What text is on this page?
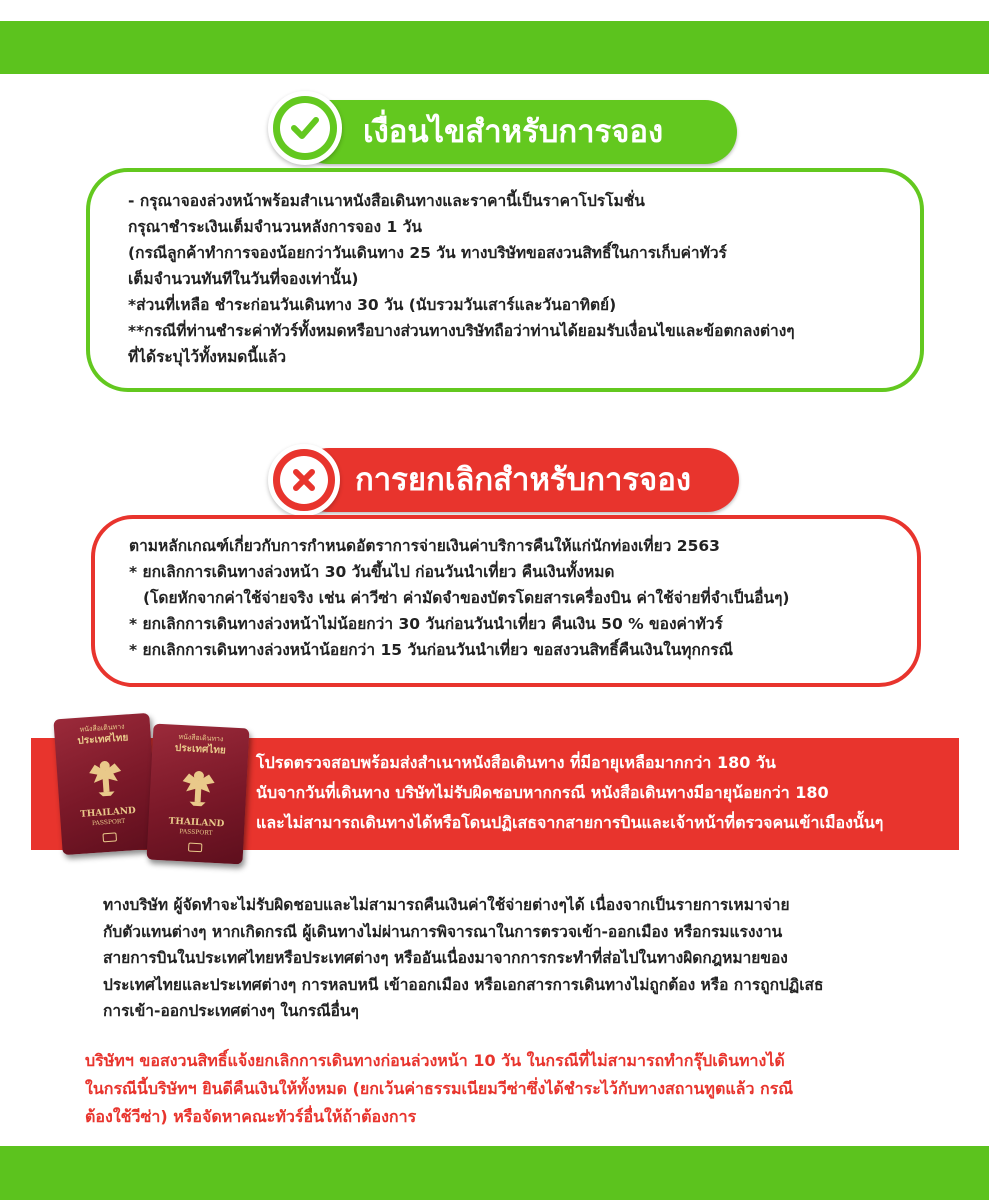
เงื่อนไขสำหรับการจอง
- กรุณาจองล่วงหน้าพร้อมสำเนาหนังสือเดินทางและราคานี้เป็นราคาโปรโมชั่น
กรุณาชำระเงินเต็มจำนวนหลังการจอง 1 วัน
(กรณีลูกค้าทำการจองน้อยกว่าวันเดินทาง 25 วัน ทางบริษัทขอสงวนสิทธิ์ในการเก็บค่าทัวร์
เต็มจำนวนทันทีในวันที่จองเท่านั้น)
*ส่วนที่เหลือ ชำระก่อนวันเดินทาง 30 วัน (นับรวมวันเสาร์และวันอาทิตย์)
**กรณีที่ท่านชำระค่าทัวร์ทั้งหมดหรือบางส่วนทางบริษัทถือว่าท่านได้ยอมรับเงื่อนไขและข้อตกลงต่างๆ
ที่ได้ระบุไว้ทั้งหมดนี้แล้ว
การยกเลิกสำหรับการจอง
ตามหลักเกณฑ์เกี่ยวกับการกำหนดอัตราการจ่ายเงินค่าบริการคืนให้แก่นักท่องเที่ยว 2563
* ยกเลิกการเดินทางล่วงหน้า 30 วันขึ้นไป ก่อนวันนำเที่ยว คืนเงินทั้งหมด
(โดยหักจากค่าใช้จ่ายจริง เช่น ค่าวีซ่า ค่ามัดจำของบัตรโดยสารเครื่องบิน ค่าใช้จ่ายที่จำเป็นอื่นๆ)
* ยกเลิกการเดินทางล่วงหน้าไม่น้อยกว่า 30 วันก่อนวันนำเที่ยว คืนเงิน 50 % ของค่าทัวร์
* ยกเลิกการเดินทางล่วงหน้าน้อยกว่า 15 วันก่อนวันนำเที่ยว ขอสงวนสิทธิ์คืนเงินในทุกกรณี
โปรดตรวจสอบพร้อมส่งสำเนาหนังสือเดินทาง ที่มีอายุเหลือมากกว่า 180 วัน
นับจากวันที่เดินทาง บริษัทไม่รับผิดชอบหากกรณี หนังสือเดินทางมีอายุน้อยกว่า 180
และไม่สามารถเดินทางได้หรือโดนปฏิเสธจากสายการบินและเจ้าหน้าที่ตรวจคนเข้าเมืองนั้นๆ
หนังสือเดินทาง
ประเทศไทย
THAILAND
PASSPORT
หนังสือเดินทาง
ประเทศไทย
THAILAND
PASSPORT
ทางบริษัท ผู้จัดทำจะไม่รับผิดชอบและไม่สามารถคืนเงินค่าใช้จ่ายต่างๆได้ เนื่องจากเป็นรายการเหมาจ่าย
กับตัวแทนต่างๆ หากเกิดกรณี ผู้เดินทางไม่ผ่านการพิจารณาในการตรวจเข้า-ออกเมือง หรือกรมแรงงาน
สายการบินในประเทศไทยหรือประเทศต่างๆ หรืออันเนื่องมาจากการกระทำที่ส่อไปในทางผิดกฎหมายของ
ประเทศไทยและประเทศต่างๆ การหลบหนี เข้าออกเมือง หรือเอกสารการเดินทางไม่ถูกต้อง หรือ การถูกปฏิเสธ
การเข้า-ออกประเทศต่างๆ ในกรณีอื่นๆ
บริษัทฯ ขอสงวนสิทธิ์แจ้งยกเลิกการเดินทางก่อนล่วงหน้า 10 วัน ในกรณีที่ไม่สามารถทำกรุ๊ปเดินทางได้
ในกรณีนี้บริษัทฯ ยินดีคืนเงินให้ทั้งหมด (ยกเว้นค่าธรรมเนียมวีซ่าซึ่งได้ชำระไว้กับทางสถานทูตแล้ว กรณี
ต้องใช้วีซ่า) หรือจัดหาคณะทัวร์อื่นให้ถ้าต้องการ
